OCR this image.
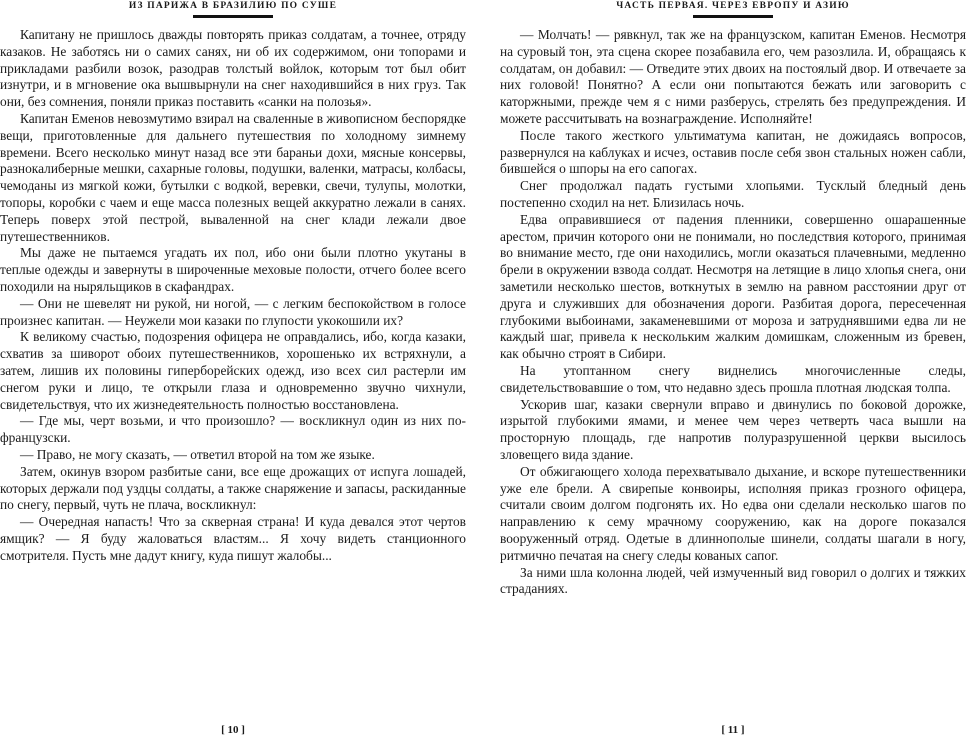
ИЗ ПАРИЖА В БРАЗИЛИЮ ПО СУШЕ

Капитану не пришлось дважды повторять приказ солдатам, а точнее, отряду казаков. Не заботясь ни о самих санях, ни об их содержимом, они топорами и прикладами разбили возок, разодрав толстый войлок, которым тот был обит изнутри, и в мгновение ока вышвырнули на снег находившийся в них груз. Так они, без сомнения, поняли приказ поставить «санки на полозья».

Капитан Еменов невозмутимо взирал на сваленные в живописном беспорядке вещи, приготовленные для дальнего путешествия по холодному зимнему времени. Всего несколько минут назад все эти бараньи дохи, мясные консервы, разнокалиберные мешки, сахарные головы, подушки, валенки, матрасы, колбасы, чемоданы из мягкой кожи, бутылки с водкой, веревки, свечи, тулупы, молотки, топоры, коробки с чаем и еще масса полезных вещей аккуратно лежали в санях. Теперь поверх этой пестрой, вываленной на снег клади лежали двое путешественников.

Мы даже не пытаемся угадать их пол, ибо они были плотно укутаны в теплые одежды и завернуты в широченные меховые полости, отчего более всего походили на ныряльщиков в скафандрах.

— Они не шевелят ни рукой, ни ногой, — с легким беспокойством в голосе произнес капитан. — Неужели мои казаки по глупости укокошили их?

К великому счастью, подозрения офицера не оправдались, ибо, когда казаки, схватив за шиворот обоих путешественников, хорошенько их встряхнули, а затем, лишив их половины гиперборейских одежд, изо всех сил растерли им снегом руки и лицо, те открыли глаза и одновременно звучно чихнули, свидетельствуя, что их жизнедеятельность полностью восстановлена.

— Где мы, черт возьми, и что произошло? — воскликнул один из них по-французски.

— Право, не могу сказать, — ответил второй на том же языке.

Затем, окинув взором разбитые сани, все еще дрожащих от испуга лошадей, которых держали под уздцы солдаты, а также снаряжение и запасы, раскиданные по снегу, первый, чуть не плача, воскликнул:

— Очередная напасть! Что за скверная страна! И куда девался этот чертов ямщик? — Я буду жаловаться властям... Я хочу видеть станционного смотрителя. Пусть мне дадут книгу, куда пишут жалобы...

[ 10 ]
ЧАСТЬ ПЕРВАЯ. ЧЕРЕЗ ЕВРОПУ И АЗИЮ

— Молчать! — рявкнул, так же на французском, капитан Еменов. Несмотря на суровый тон, эта сцена скорее позабавила его, чем разозлила. И, обращаясь к солдатам, он добавил: — Отведите этих двоих на постоялый двор. И отвечаете за них головой! Понятно? А если они попытаются бежать или заговорить с каторжными, прежде чем я с ними разберусь, стрелять без предупреждения. И можете рассчитывать на вознаграждение. Исполняйте!

После такого жесткого ультиматума капитан, не дожидаясь вопросов, развернулся на каблуках и исчез, оставив после себя звон стальных ножен сабли, бившейся о шпоры на его сапогах.

Снег продолжал падать густыми хлопьями. Тусклый бледный день постепенно сходил на нет. Близилась ночь.

Едва оправившиеся от падения пленники, совершенно ошарашенные арестом, причин которого они не понимали, но последствия которого, принимая во внимание место, где они находились, могли оказаться плачевными, медленно брели в окружении взвода солдат. Несмотря на летящие в лицо хлопья снега, они заметили несколько шестов, воткнутых в землю на равном расстоянии друг от друга и служивших для обозначения дороги. Разбитая дорога, пересеченная глубокими выбоинами, закаменевшими от мороза и затруднявшими едва ли не каждый шаг, привела к нескольким жалким домишкам, сложенным из бревен, как обычно строят в Сибири.

На утоптанном снегу виднелись многочисленные следы, свидетельствовавшие о том, что недавно здесь прошла плотная людская толпа.

Ускорив шаг, казаки свернули вправо и двинулись по боковой дорожке, изрытой глубокими ямами, и менее чем через четверть часа вышли на просторную площадь, где напротив полуразрушенной церкви высилось зловещего вида здание.

От обжигающего холода перехватывало дыхание, и вскоре путешественники уже еле брели. А свирепые конвоиры, исполняя приказ грозного офицера, считали своим долгом подгонять их. Но едва они сделали несколько шагов по направлению к сему мрачному сооружению, как на дороге показался вооруженный отряд. Одетые в длиннополые шинели, солдаты шагали в ногу, ритмично печатая на снегу следы кованых сапог.

За ними шла колонна людей, чей измученный вид говорил о долгих и тяжких страданиях.

[ 11 ]
